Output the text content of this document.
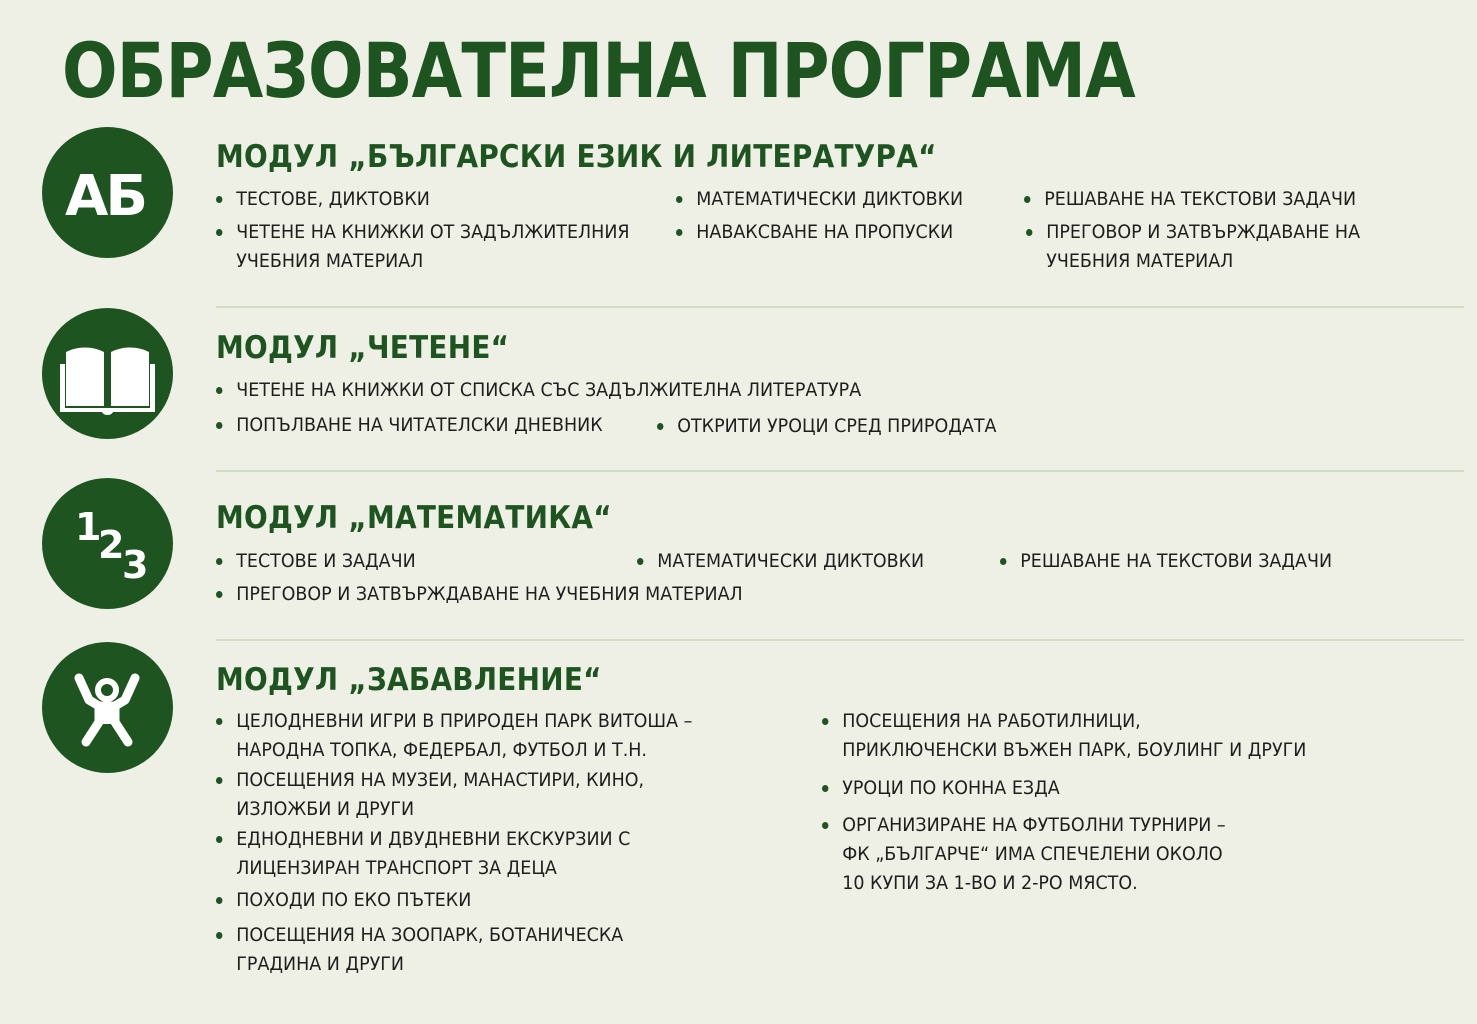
ОБРАЗОВАТЕЛНА ПРОГРАМА
АБ
МОДУЛ „БЪЛГАРСКИ ЕЗИК И ЛИТЕРАТУРА“
ТЕСТОВЕ, ДИКТОВКИ
ЧЕТЕНЕ НА КНИЖКИ ОТ ЗАДЪЛЖИТЕЛНИЯ
УЧЕБНИЯ МАТЕРИАЛ
МАТЕМАТИЧЕСКИ ДИКТОВКИ
НАВАКСВАНЕ НА ПРОПУСКИ
РЕШАВАНЕ НА ТЕКСТОВИ ЗАДАЧИ
ПРЕГОВОР И ЗАТВЪРЖДАВАНЕ НА
УЧЕБНИЯ МАТЕРИАЛ
МОДУЛ „ЧЕТЕНЕ“
ЧЕТЕНЕ НА КНИЖКИ ОТ СПИСКА СЪС ЗАДЪЛЖИТЕЛНА ЛИТЕРАТУРА
ПОПЪЛВАНЕ НА ЧИТАТЕЛСКИ ДНЕВНИК	ОТКРИТИ УРОЦИ СРЕД ПРИРОДАТА
1
2
3
МОДУЛ „МАТЕМАТИКА“
ТЕСТОВЕ И ЗАДАЧИ	МАТЕМАТИЧЕСКИ ДИКТОВКИ	РЕШАВАНЕ НА ТЕКСТОВИ ЗАДАЧИ
ПРЕГОВОР И ЗАТВЪРЖДАВАНЕ НА УЧЕБНИЯ МАТЕРИАЛ
МОДУЛ „ЗАБАВЛЕНИЕ“
ЦЕЛОДНЕВНИ ИГРИ В ПРИРОДЕН ПАРК ВИТОША –
НАРОДНА ТОПКА, ФЕДЕРБАЛ, ФУТБОЛ И Т.Н.
ПОСЕЩЕНИЯ НА МУЗЕИ, МАНАСТИРИ, КИНО,
ИЗЛОЖБИ И ДРУГИ
ЕДНОДНЕВНИ И ДВУДНЕВНИ ЕКСКУРЗИИ С
ЛИЦЕНЗИРАН ТРАНСПОРТ ЗА ДЕЦА
ПОХОДИ ПО ЕКО ПЪТЕКИ
ПОСЕЩЕНИЯ НА ЗООПАРК, БОТАНИЧЕСКА
ГРАДИНА И ДРУГИ
ПОСЕЩЕНИЯ НА РАБОТИЛНИЦИ,
ПРИКЛЮЧЕНСКИ ВЪЖЕН ПАРК, БОУЛИНГ И ДРУГИ
УРОЦИ ПО КОННА ЕЗДА
ОРГАНИЗИРАНЕ НА ФУТБОЛНИ ТУРНИРИ –
ФК „БЪЛГАРЧЕ“ ИМА СПЕЧЕЛЕНИ ОКОЛО
10 КУПИ ЗА 1-ВО И 2-РО МЯСТО.
